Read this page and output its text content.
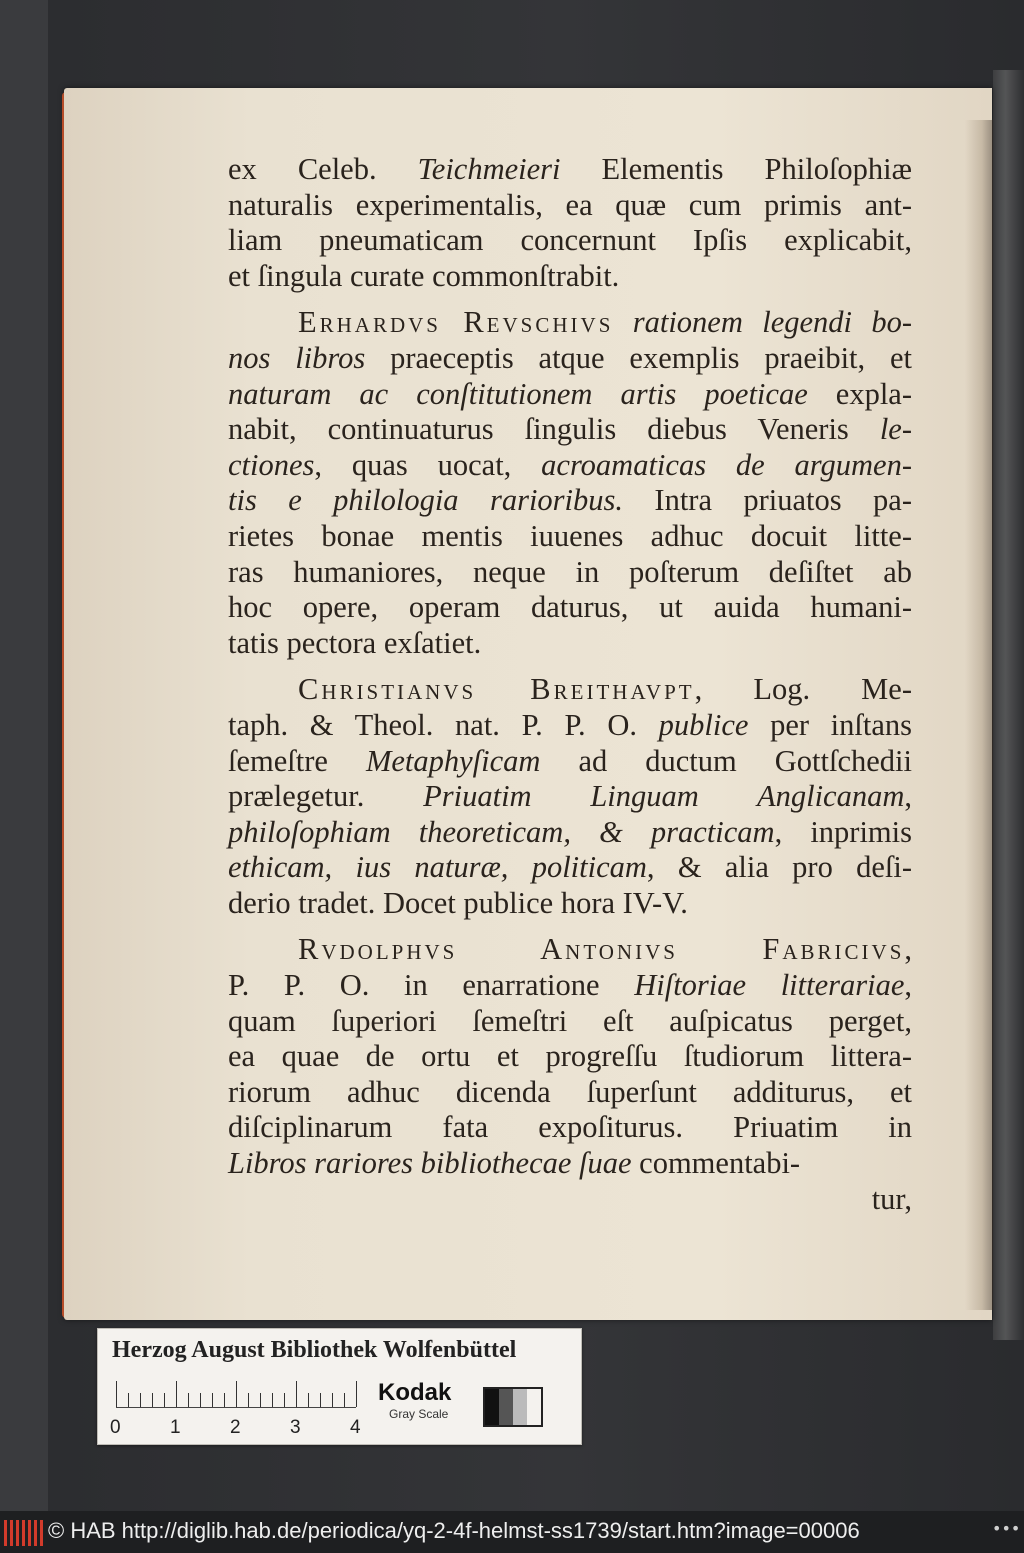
ex Celeb. Teichmeieri Elementis Philoſophiæ
naturalis experimentalis, ea quæ cum primis ant-
liam pneumaticam concernunt Ipſis explicabit,
et ſingula curate commonſtrabit.
Erhardvs Revschivs rationem legendi bo-
nos libros praeceptis atque exemplis praeibit, et
naturam ac conſtitutionem artis poeticae expla-
nabit, continuaturus ſingulis diebus Veneris le-
ctiones, quas uocat, acroamaticas de argumen-
tis e philologia rarioribus. Intra priuatos pa-
rietes bonae mentis iuuenes adhuc docuit litte-
ras humaniores, neque in poſterum deſiſtet ab
hoc opere, operam daturus, ut auida humani-
tatis pectora exſatiet.
Christianvs Breithavpt, Log. Me-
taph. & Theol. nat. P. P. O. publice per inſtans
ſemeſtre Metaphyſicam ad ductum Gottſchedii
prælegetur. Priuatim Linguam Anglicanam,
philoſophiam theoreticam, & practicam, inprimis
ethicam, ius naturæ, politicam, & alia pro deſi-
derio tradet. Docet publice hora IV-V.
Rvdolphvs Antonivs Fabricivs,
P. P. O. in enarratione Hiſtoriae litterariae,
quam ſuperiori ſemeſtri eſt auſpicatus perget,
ea quae de ortu et progreſſu ſtudiorum littera-
riorum adhuc dicenda ſuperſunt additurus, et
diſciplinarum fata expoſiturus. Priuatim in
Libros rariores bibliothecae ſuae commentabi-
tur,
Herzog August Bibliothek Wolfenbüttel
0	1	2	3	4
Kodak
Gray Scale
© HAB http://diglib.hab.de/periodica/yq-2-4f-helmst-ss1739/start.htm?image=00006	•••
